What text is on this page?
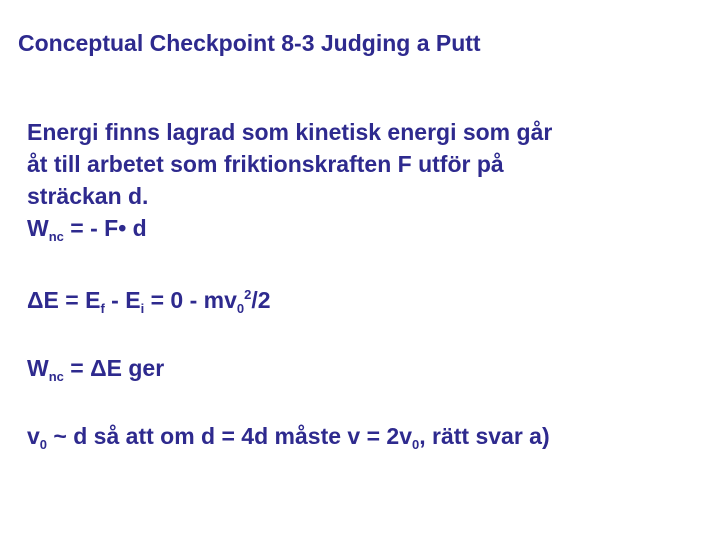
Conceptual Checkpoint 8-3 Judging a Putt
Energi finns lagrad som kinetisk energi som går
åt till arbetet som friktionskraften F utför på
sträckan d.
$W_{nc}$ = - F• d
$\Delta E = E_f - E_i = 0 - mv_0^2/2$
$W_{nc} = \Delta E$ ger
$v_0$ ~ d så att om d = 4d måste $v = 2v_0$, rätt svar a)
